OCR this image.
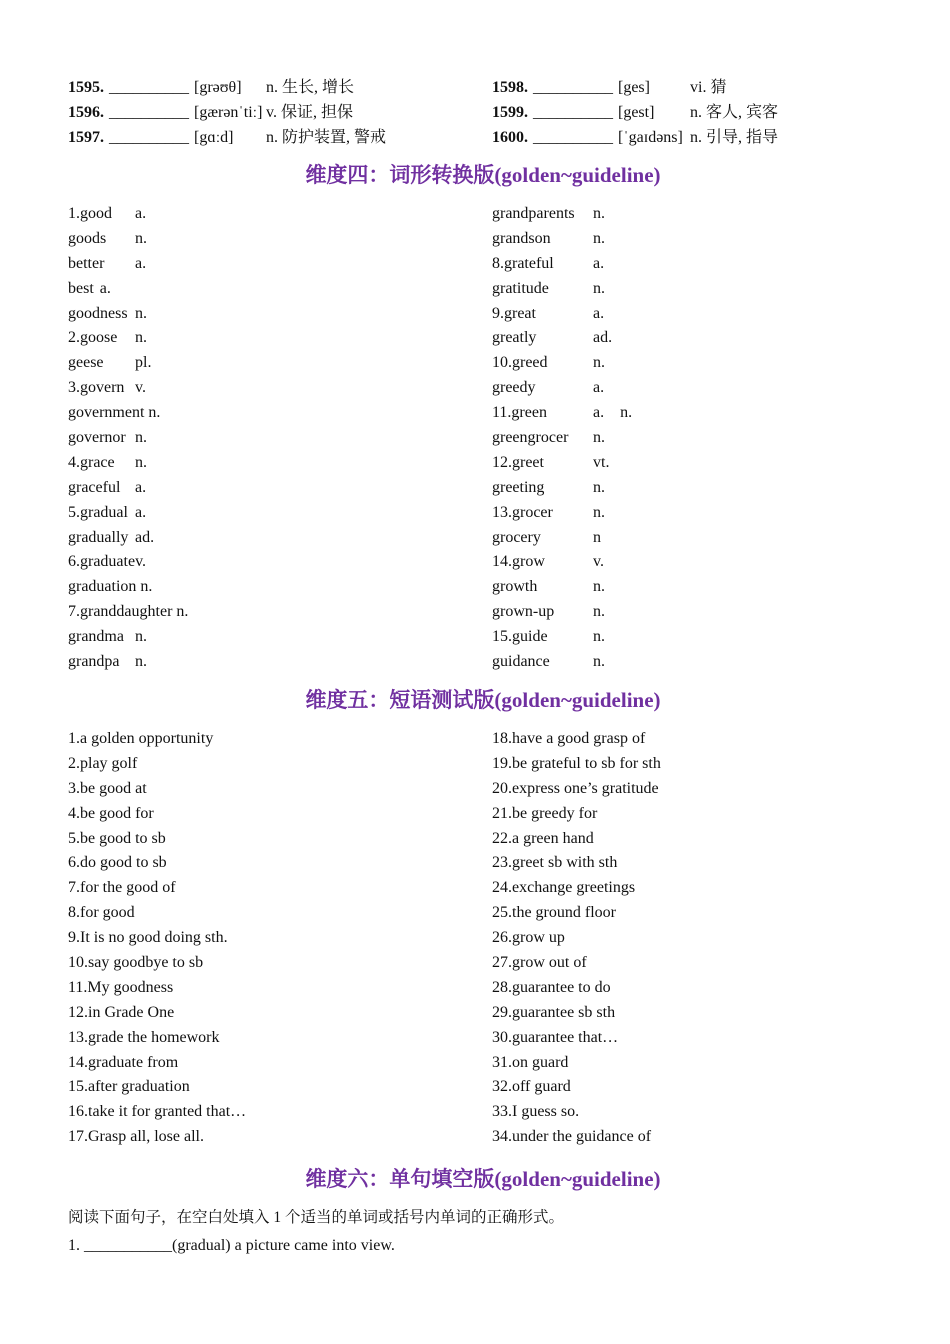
1595. __________ [grəʊθ]	n. 生长, 增长	1598. __________ [ges]	vi. 猜
1596. __________ [gærənˈtiː] v. 保证, 担保	1599. __________ [gest]	n. 客人, 宾客
1597. __________ [gɑːd]	n. 防护装置, 警戒	1600. __________ [ˈgaɪdəns] n. 引导, 指导
维度四：词形转换版(golden~guideline)
1.good a.
goods n.
better a.
best a.
goodness n.
2.goose n.
geese pl.
3.govern v.
government n.
governor n.
4.grace n.
graceful a.
5.gradual a.
gradually ad.
6.graduatev.
graduation n.
7.granddaughter n.
grandma n.
grandpa n.
grandparents n.
grandson	n.
8.grateful a.
gratitude	n.
9.great	a.
greatly	ad.
10.greed	n.
greedy	a.
11.green	a.    n.
greengrocer n.
12.greet	vt.
greeting	n.
13.grocer	n.
grocery	n
14.grow	v.
growth	n.
grown-up n.
15.guide	n.
guidance	n.
维度五：短语测试版(golden~guideline)
1.a golden opportunity
2.play golf
3.be good at
4.be good for
5.be good to sb
6.do good to sb
7.for the good of
8.for good
9.It is no good doing sth.
10.say goodbye to sb
11.My goodness
12.in Grade One
13.grade the homework
14.graduate from
15.after graduation
16.take it for granted that…
17.Grasp all, lose all.
18.have a good grasp of
19.be grateful to sb for sth
20.express one’s gratitude
21.be greedy for
22.a green hand
23.greet sb with sth
24.exchange greetings
25.the ground floor
26.grow up
27.grow out of
28.guarantee to do
29.guarantee sb sth
30.guarantee that…
31.on guard
32.off guard
33.I guess so.
34.under the guidance of
维度六：单句填空版(golden~guideline)
阅读下面句子，在空白处填入 1 个适当的单词或括号内单词的正确形式。
1. ___________(gradual) a picture came into view.
